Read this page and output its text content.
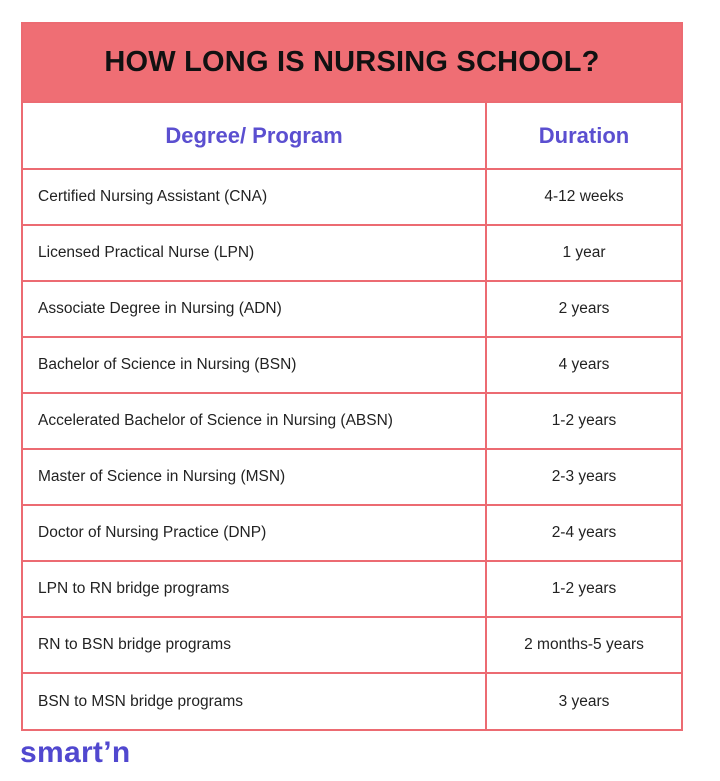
HOW LONG IS NURSING SCHOOL?
Degree/ Program	Duration
Certified Nursing Assistant (CNA)	4-12 weeks
Licensed Practical Nurse (LPN)	1 year
Associate Degree in Nursing (ADN)	2 years
Bachelor of Science in Nursing (BSN)	4 years
Accelerated Bachelor of Science in Nursing (ABSN)	1-2 years
Master of Science in Nursing (MSN)	2-3 years
Doctor of Nursing Practice (DNP)	2-4 years
LPN to RN bridge programs	1-2 years
RN to BSN bridge programs	2 months-5 years
BSN to MSN bridge programs	3 years
smart’n
